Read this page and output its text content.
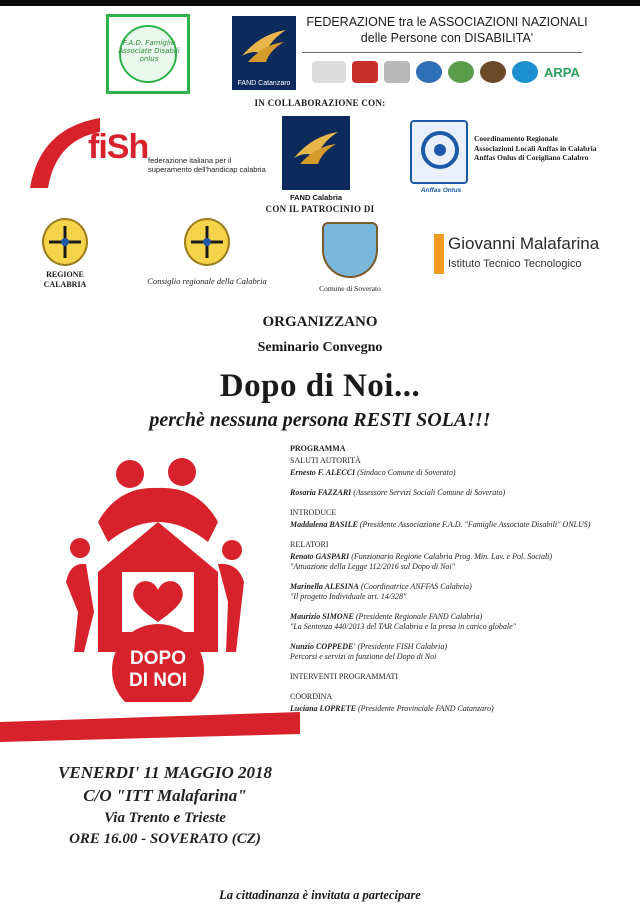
F.A.D. Famiglie Associate Disabili onlus
FAND Catanzaro
FEDERAZIONE tra le ASSOCIAZIONI NAZIONALI
delle Persone con DISABILITA'
ARPA
IN COLLABORAZIONE CON:
fiSh federazione italiana per il superamento dell'handicap calabria
FAND Calabria
Anffas Onlus
Coordinamento Regionale
Associazioni Locali Anffas in Calabria
Anffas Onlus di Corigliano Calabro
CON IL PATROCINIO DI
REGIONE CALABRIA	Consiglio regionale della Calabria
Comune di Soverato
Giovanni Malafarina
Istituto Tecnico Tecnologico
ORGANIZZANO
Seminario Convegno
Dopo di Noi...
perchè nessuna persona RESTI SOLA!!!
DOPO
DI NOI
VENERDI' 11 MAGGIO 2018
C/O "ITT Malafarina"
Via Trento e Trieste
ORE 16.00 - SOVERATO (CZ)
PROGRAMMA
SALUTI AUTORITÀ
Ernesto F. ALECCI (Sindaco Comune di Soverato)
Rosaria FAZZARI (Assessore Servizi Sociali Comune di Soverato)
INTRODUCE
Maddalena BASILE (Presidente Associazione F.A.D. "Famiglie Associate Disabili" ONLUS)
RELATORI
Renato GASPARI (Funzionario Regione Calabria Prog. Min. Lav. e Pol. Sociali)
"Attuazione della Legge 112/2016 sul Dopo di Noi"
Marinella ALESINA (Coordinatrice ANFFAS Calabria)
"Il progetto Individuale art. 14/328"
Maurizio SIMONE (Presidente Regionale FAND Calabria)
"La Sentenza 440/2013 del TAR Calabria e la presa in carico globale"
Nunzio COPPEDE' (Presidente FISH Calabria)
Percorsi e servizi in funzione del Dopo di Noi
INTERVENTI PROGRAMMATI
COORDINA
Luciana LOPRETE (Presidente Provinciale FAND Catanzaro)
La cittadinanza è invitata a partecipare
